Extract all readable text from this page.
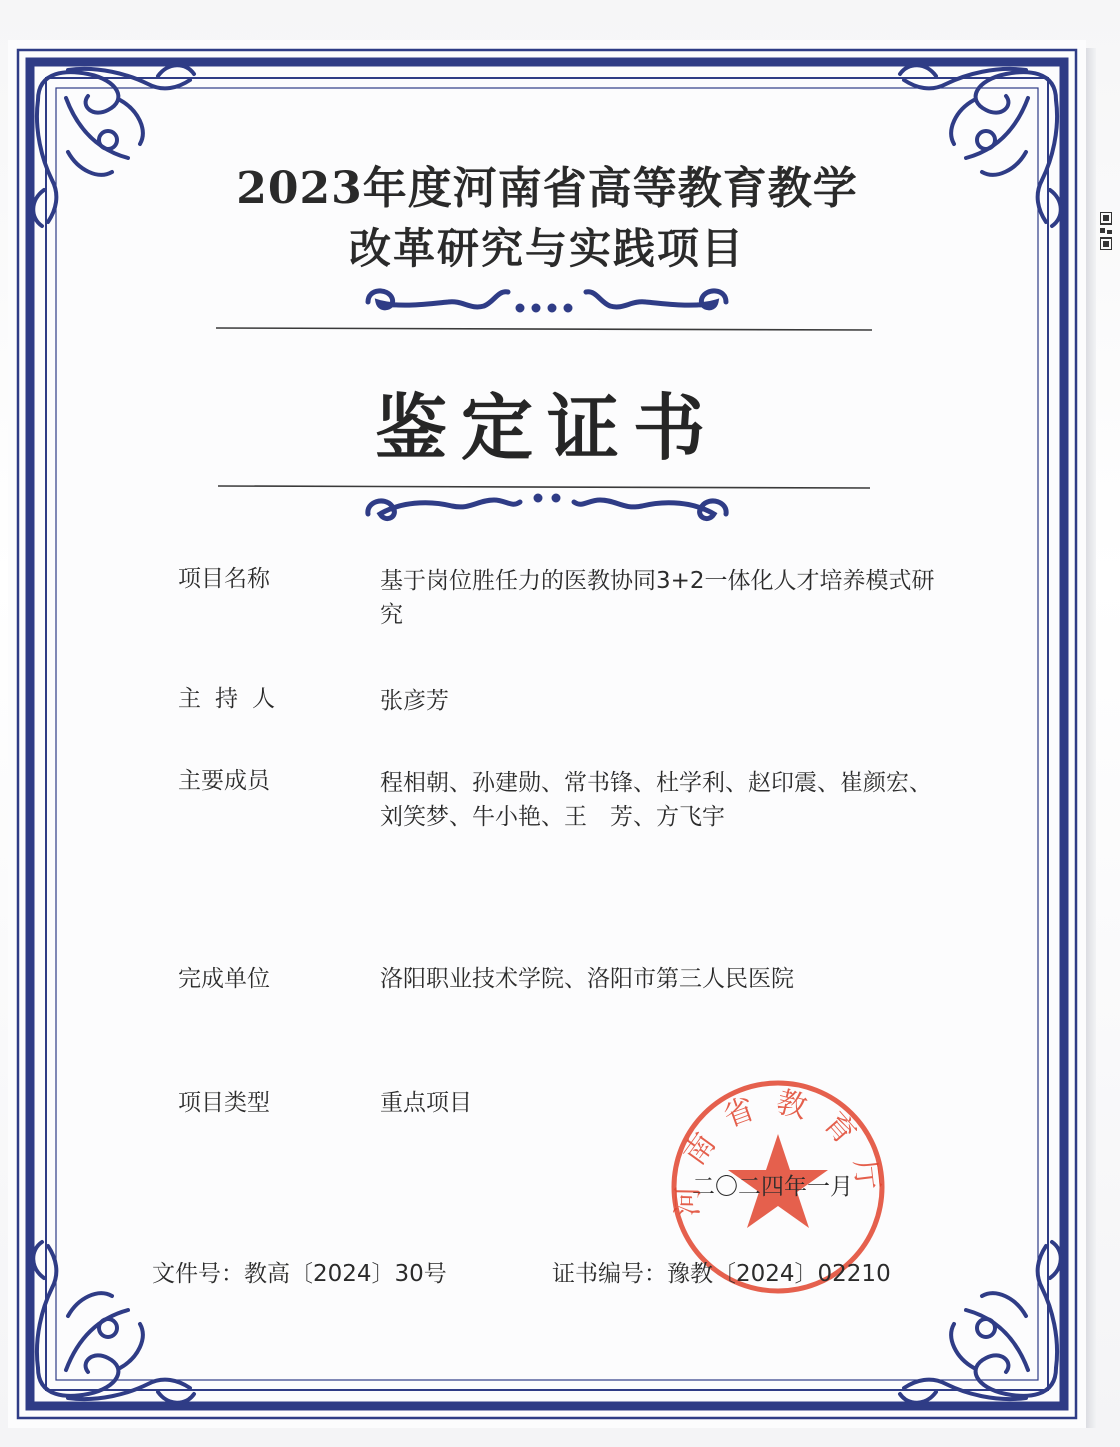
2023年度河南省高等教育教学
改革研究与实践项目
鉴定证书
项目名称	基于岗位胜任力的医教协同3+2一体化人才培养模式研究
主持人	张彦芳
主要成员	程相朝、孙建勋、常书锋、杜学利、赵印震、崔颜宏、刘笑梦、牛小艳、王　芳、方飞宇
完成单位	洛阳职业技术学院、洛阳市第三人民医院
项目类型	重点项目
河南省教育厅
二〇二四年一月
文件号：教高〔2024〕30号	证书编号：豫教〔2024〕02210
